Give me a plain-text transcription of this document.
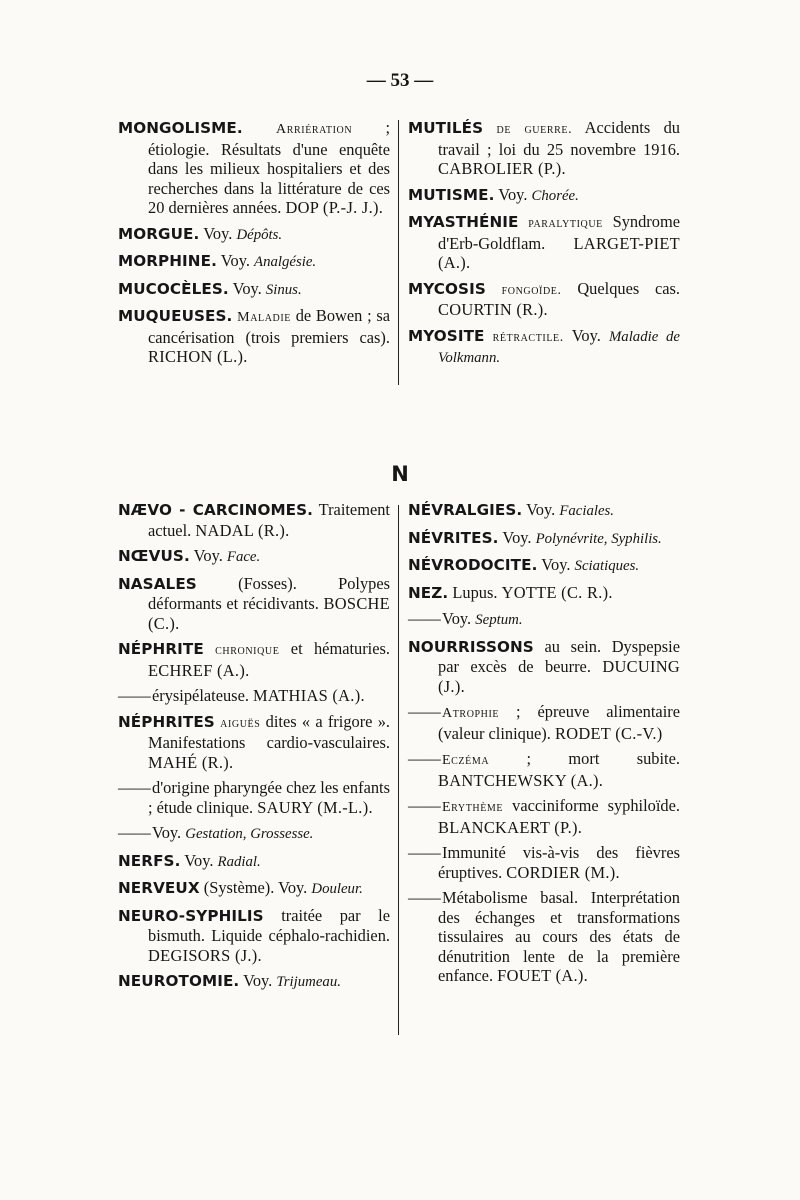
— 53 —

MONGOLISME. Arriération ; étiologie. Résultats d'une enquête dans les milieux hospitaliers et des recherches dans la littérature de ces 20 dernières années. DOP (P.-J. J.).

MORGUE. Voy. Dépôts.

MORPHINE. Voy. Analgésie.

MUCOCÈLES. Voy. Sinus.

MUQUEUSES. Maladie de Bowen ; sa cancérisation (trois premiers cas). RICHON (L.).

MUTILÉS de guerre. Accidents du travail ; loi du 25 novembre 1916. CABROLIER (P.).

MUTISME. Voy. Chorée.

MYASTHÉNIE paralytique Syndrome d'Erb-Goldflam. LARGET-PIET (A.).

MYCOSIS fongoïde. Quelques cas. COURTIN (R.).

MYOSITE rétractile. Voy. Maladie de Volkmann.

N

NÆVO - CARCINOMES. Traitement actuel. NADAL (R.).

NŒVUS. Voy. Face.

NASALES	(Fosses). Polypes déformants et récidivants. BOSCHE (C.).

NÉPHRITE chronique et hématuries. ECHREF (A.).

——érysipélateuse. MATHIAS (A.).

NÉPHRITES aiguës dites « a frigore ». Manifestations cardio-vasculaires. MAHÉ (R.).

——d'origine pharyngée chez les enfants ; étude clinique. SAURY (M.-L.).

——Voy. Gestation, Grossesse.

NERFS. Voy. Radial.

NERVEUX (Système). Voy. Douleur.

NEURO-SYPHILIS traitée par le bismuth. Liquide céphalo-rachidien. DEGISORS (J.).

NEUROTOMIE. Voy. Trijumeau.

NÉVRALGIES. Voy. Faciales.

NÉVRITES. Voy. Polynévrite, Syphilis.

NÉVRODOCITE. Voy. Sciatiques.

NEZ. Lupus. YOTTE (C. R.).

——Voy. Septum.

NOURRISSONS au sein. Dyspepsie par excès de beurre. DUCUING (J.).

——Atrophie ; épreuve alimentaire (valeur clinique). RODET (C.-V.)

——Eczéma ; mort subite. BANTCHEWSKY (A.).

——Erythème vacciniforme syphiloïde. BLANCKAERT (P.).

——Immunité vis-à-vis des fièvres éruptives. CORDIER (M.).

——Métabolisme basal. Interprétation des échanges et transformations tissulaires au cours des états de dénutrition lente de la première enfance. FOUET (A.).
